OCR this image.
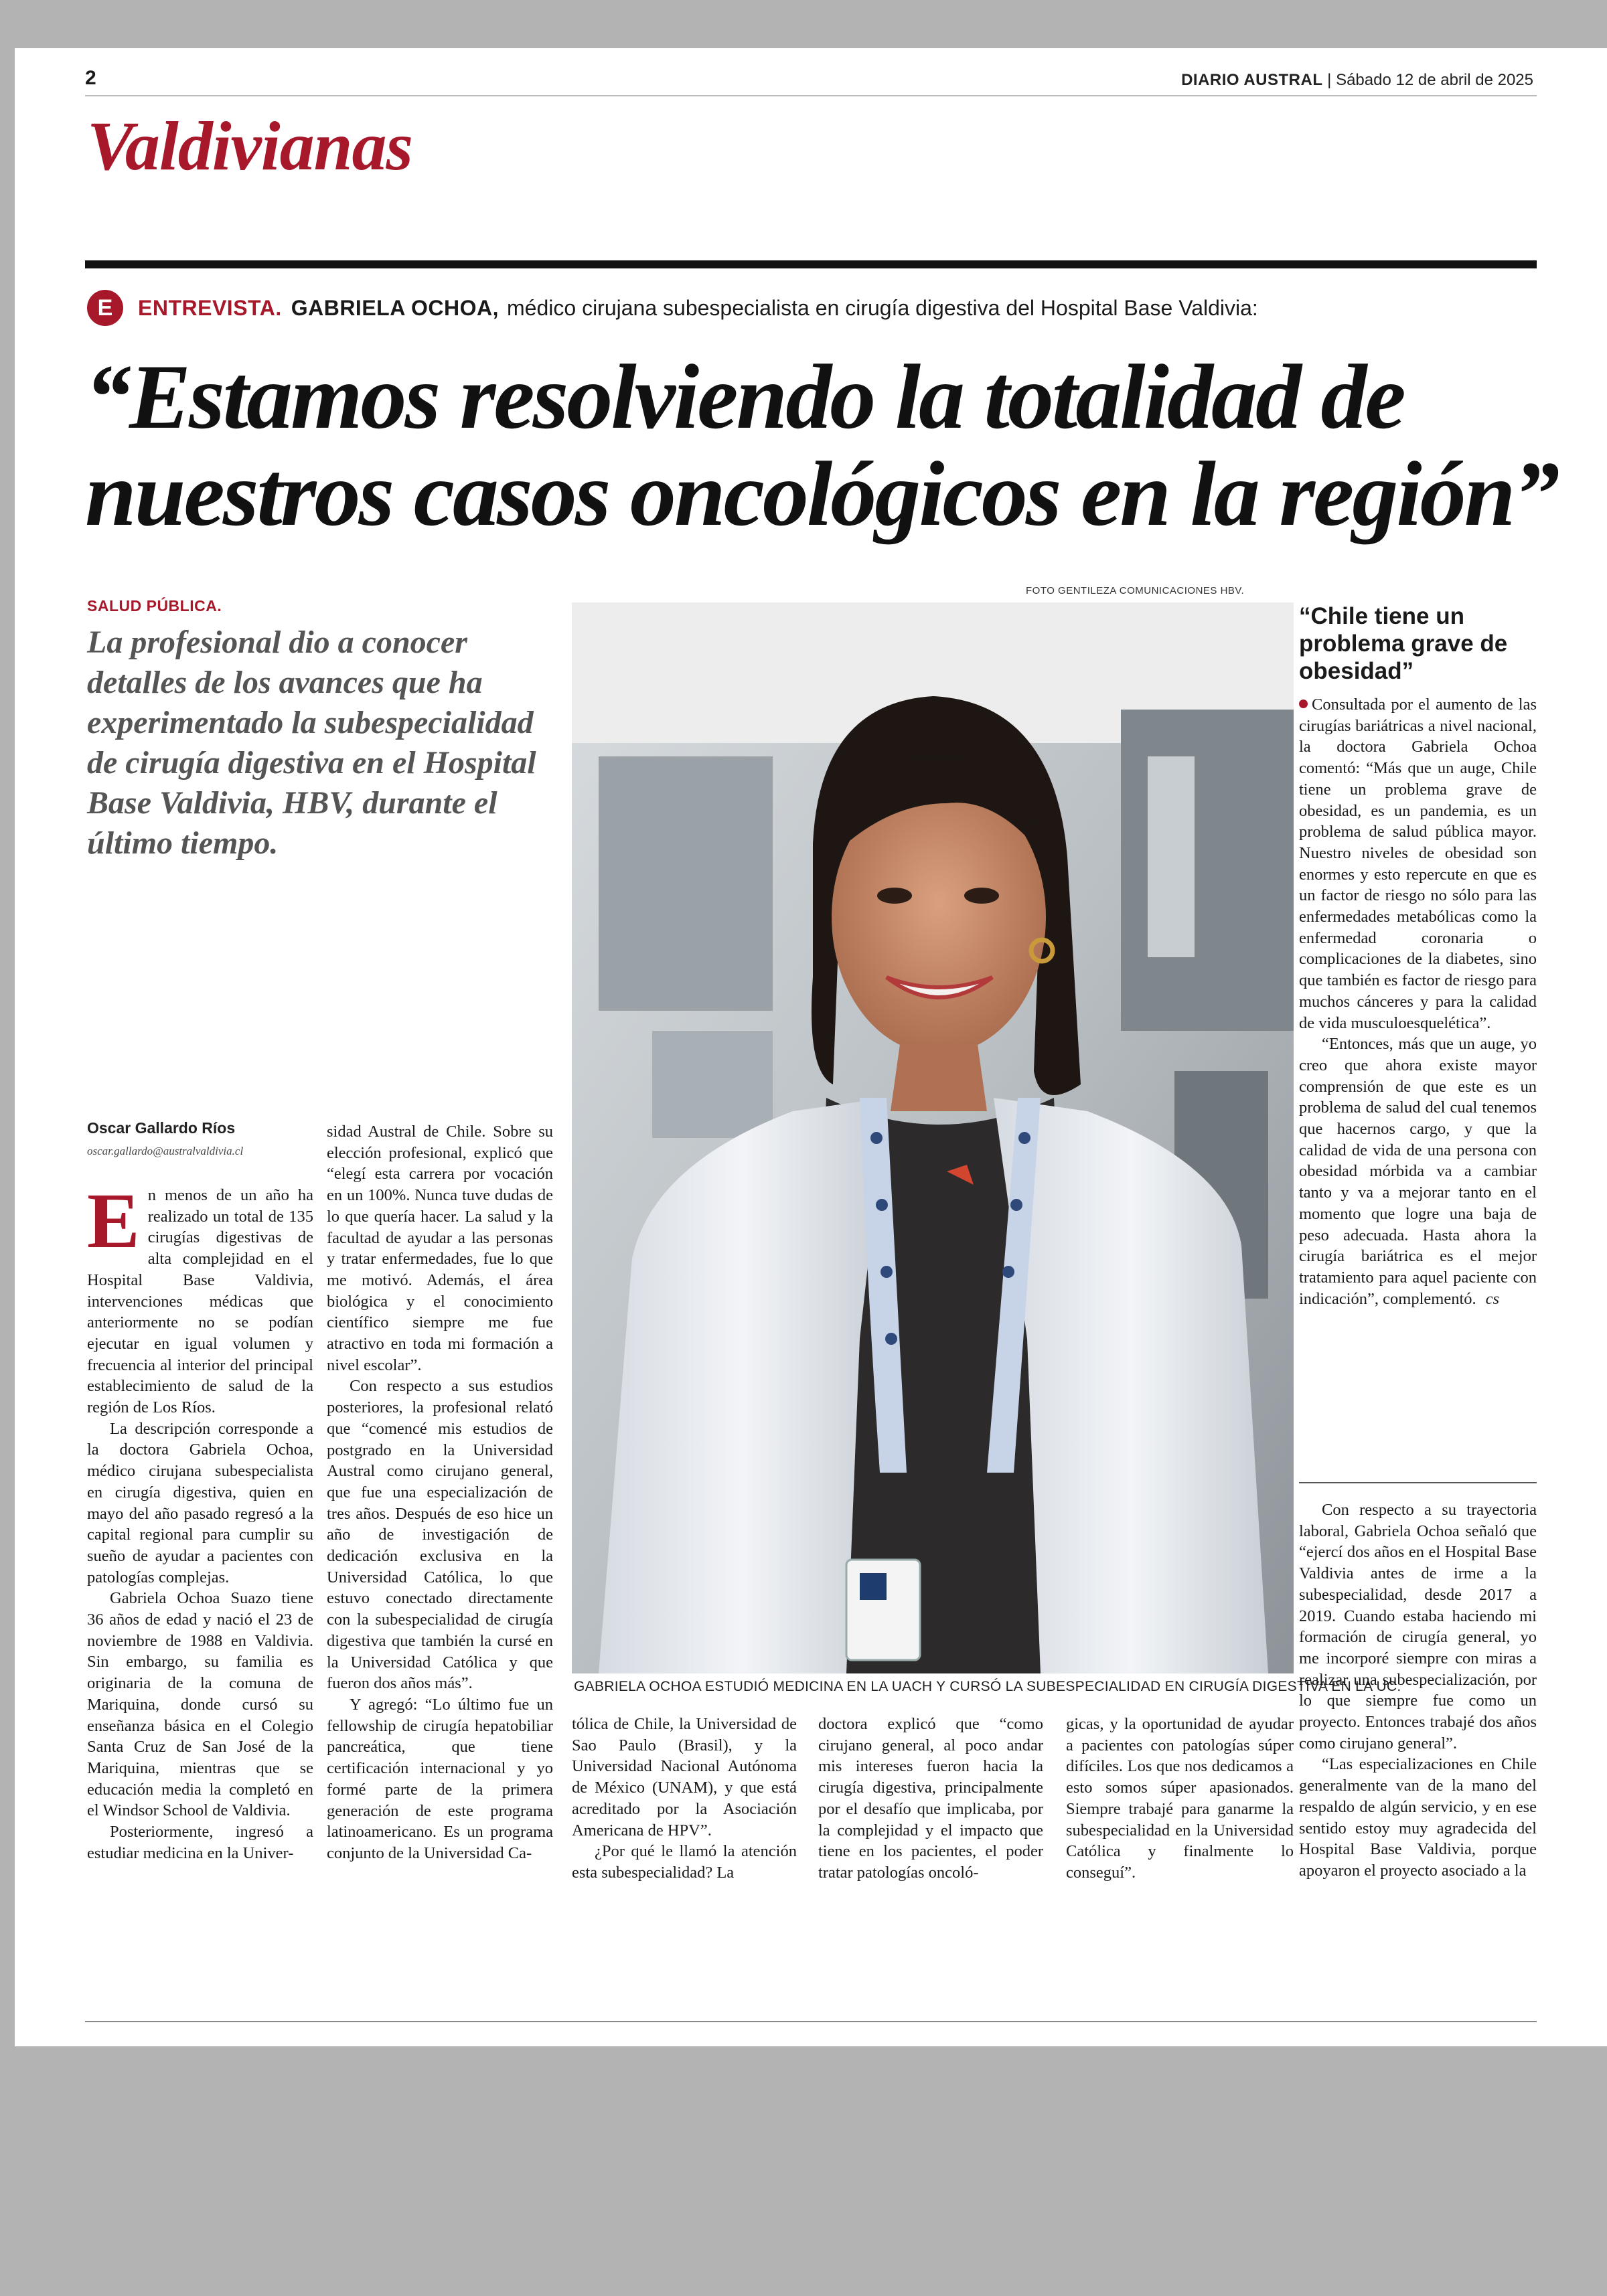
2	DIARIO AUSTRAL | Sábado 12 de abril de 2025
Valdivianas
E	ENTREVISTA. GABRIELA OCHOA, médico cirujana subespecialista en cirugía digestiva del Hospital Base Valdivia:
“Estamos resolviendo la totalidad de nuestros casos oncológicos en la región”
SALUD PÚBLICA.
La profesional dio a conocer detalles de los avances que ha experimentado la subespecialidad de cirugía digestiva en el Hospital Base Valdivia, HBV, durante el último tiempo.
FOTO GENTILEZA COMUNICACIONES HBV.
GABRIELA OCHOA ESTUDIÓ MEDICINA EN LA UACH Y CURSÓ LA SUBESPECIALIDAD EN CIRUGÍA DIGESTIVA EN LA UC.
Oscar Gallardo Ríos
oscar.gallardo@australvaldivia.cl

En menos de un año ha realizado un total de 135 cirugías digestivas de alta complejidad en el Hospital Base Valdivia, intervenciones médicas que anteriormente no se podían ejecutar en igual volumen y frecuencia al interior del principal establecimiento de salud de la región de Los Ríos.

La descripción corresponde a la doctora Gabriela Ochoa, médico cirujana subespecialista en cirugía digestiva, quien en mayo del año pasado regresó a la capital regional para cumplir su sueño de ayudar a pacientes con patologías complejas.

Gabriela Ochoa Suazo tiene 36 años de edad y nació el 23 de noviembre de 1988 en Valdivia. Sin embargo, su familia es originaria de la comuna de Mariquina, donde cursó su enseñanza básica en el Colegio Santa Cruz de San José de la Mariquina, mientras que se educación media la completó en el Windsor School de Valdivia.

Posteriormente, ingresó a estudiar medicina en la Univer-

sidad Austral de Chile. Sobre su elección profesional, explicó que “elegí esta carrera por vocación en un 100%. Nunca tuve dudas de lo que quería hacer. La salud y la facultad de ayudar a las personas y tratar enfermedades, fue lo que me motivó. Además, el área biológica y el conocimiento científico siempre me fue atractivo en toda mi formación a nivel escolar”.

Con respecto a sus estudios posteriores, la profesional relató que “comencé mis estudios de postgrado en la Universidad Austral como cirujano general, que fue una especialización de tres años. Después de eso hice un año de investigación de dedicación exclusiva en la Universidad Católica, lo que estuvo conectado directamente con la subespecialidad de cirugía digestiva que también la cursé en la Universidad Católica y que fueron dos años más”.

Y agregó: “Lo último fue un fellowship de cirugía hepatobiliar pancreática, que tiene certificación internacional y yo formé parte de la primera generación de este programa latinoamericano. Es un programa conjunto de la Universidad Ca-

tólica de Chile, la Universidad de Sao Paulo (Brasil), y la Universidad Nacional Autónoma de México (UNAM), y que está acreditado por la Asociación Americana de HPV”.

¿Por qué le llamó la atención esta subespecialidad? La

doctora explicó que “como cirujano general, al poco andar mis intereses fueron hacia la cirugía digestiva, principalmente por el desafío que implicaba, por la complejidad y el impacto que tiene en los pacientes, el poder tratar patologías oncoló-

gicas, y la oportunidad de ayudar a pacientes con patologías súper difíciles. Los que nos dedicamos a esto somos súper apasionados. Siempre trabajé para ganarme la subespecialidad en la Universidad Católica y finalmente lo conseguí”.

“Chile tiene un problema grave de obesidad”

Consultada por el aumento de las cirugías bariátricas a nivel nacional, la doctora Gabriela Ochoa comentó: “Más que un auge, Chile tiene un problema grave de obesidad, es un pandemia, es un problema de salud pública mayor. Nuestro niveles de obesidad son enormes y esto repercute en que es un factor de riesgo no sólo para las enfermedades metabólicas como la enfermedad coronaria o complicaciones de la diabetes, sino que también es factor de riesgo para muchos cánceres y para la calidad de vida musculoesquelética”.

“Entonces, más que un auge, yo creo que ahora existe mayor comprensión de que este es un problema de salud del cual tenemos que hacernos cargo, y que la calidad de vida de una persona con obesidad mórbida va a cambiar tanto y va a mejorar tanto en el momento que logre una baja de peso adecuada. Hasta ahora la cirugía bariátrica es el mejor tratamiento para aquel paciente con indicación”, complementó. cs

Con respecto a su trayectoria laboral, Gabriela Ochoa señaló que “ejercí dos años en el Hospital Base Valdivia antes de irme a la subespecialidad, desde 2017 a 2019. Cuando estaba haciendo mi formación de cirugía general, yo me incorporé siempre con miras a realizar una subespecialización, por lo que siempre fue como un proyecto. Entonces trabajé dos años como cirujano general”.

“Las especializaciones en Chile generalmente van de la mano del respaldo de algún servicio, y en ese sentido estoy muy agradecida del Hospital Base Valdivia, porque apoyaron el proyecto asociado a la
